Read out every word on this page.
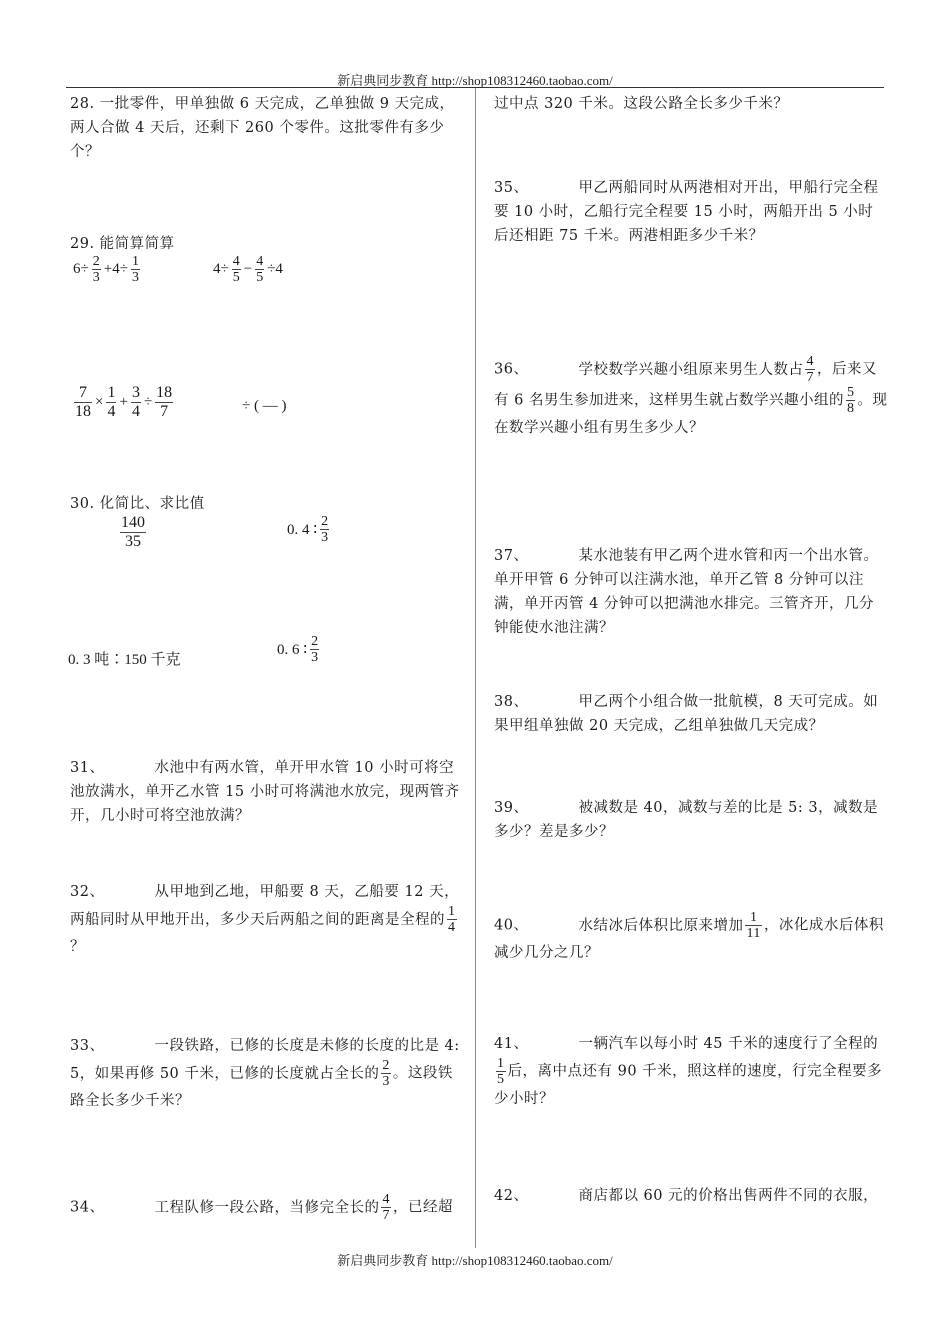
新启典同步教育 http://shop108312460.taobao.com/
28. 一批零件，甲单独做 6 天完成，乙单独做 9 天完成，两人合做 4 天后，还剩下 260 个零件。这批零件有多少个？
29. 能简算简算
$6\div \frac{2}{3} +4\div \frac{1}{3}$	$4\div \frac{4}{5} - \frac{4}{5} \div 4$
$\frac{7}{18} \times \frac{1}{4} + \frac{3}{4} \div \frac{18}{7}$	÷ ( — )
30. 化简比、求比值
$\frac{140}{35}$	0. 4 ∶ $\frac{2}{3}$
0. 3 吨∶150 千克
0. 6 ∶ $\frac{2}{3}$
31、	水池中有两水管，单开甲水管 10 小时可将空池放满水，单开乙水管 15 小时可将满池水放完，现两管齐开，几小时可将空池放满？
32、	从甲地到乙地，甲船要 8 天，乙船要 12 天，两船同时从甲地开出，多少天后两船之间的距离是全程的 $\frac{1}{4}$
？
33、	一段铁路，已修的长度是未修的长度的比是 4: 5，如果再修 50 千米，已修的长度就占全长的 $\frac{2}{3}$ 。这段铁路全长多少千米？
34、	工程队修一段公路，当修完全长的 $\frac{4}{7}$ ，已经超
过中点 320 千米。这段公路全长多少千米？
35、	甲乙两船同时从两港相对开出，甲船行完全程要 10 小时，乙船行完全程要 15 小时，两船开出 5 小时后还相距 75 千米。两港相距多少千米？
36、	学校数学兴趣小组原来男生人数占 $\frac{4}{7}$ ，后来又有 6 名男生参加进来，这样男生就占数学兴趣小组的 $\frac{5}{8}$ 。现在数学兴趣小组有男生多少人？
37、	某水池装有甲乙两个进水管和丙一个出水管。单开甲管 6 分钟可以注满水池，单开乙管 8 分钟可以注满，单开丙管 4 分钟可以把满池水排完。三管齐开，几分钟能使水池注满？
38、	甲乙两个小组合做一批航模，8 天可完成。如果甲组单独做 20 天完成，乙组单独做几天完成？
39、	被减数是 40，减数与差的比是 5: 3，减数是多少？差是多少？
40、	水结冰后体积比原来增加 $\frac{1}{11}$ ，冰化成水后体积减少几分之几？
41、	一辆汽车以每小时 45 千米的速度行了全程的
$\frac{1}{5}$ 后，离中点还有 90 千米，照这样的速度，行完全程要多少小时？
42、	商店都以 60 元的价格出售两件不同的衣服，
新启典同步教育 http://shop108312460.taobao.com/
